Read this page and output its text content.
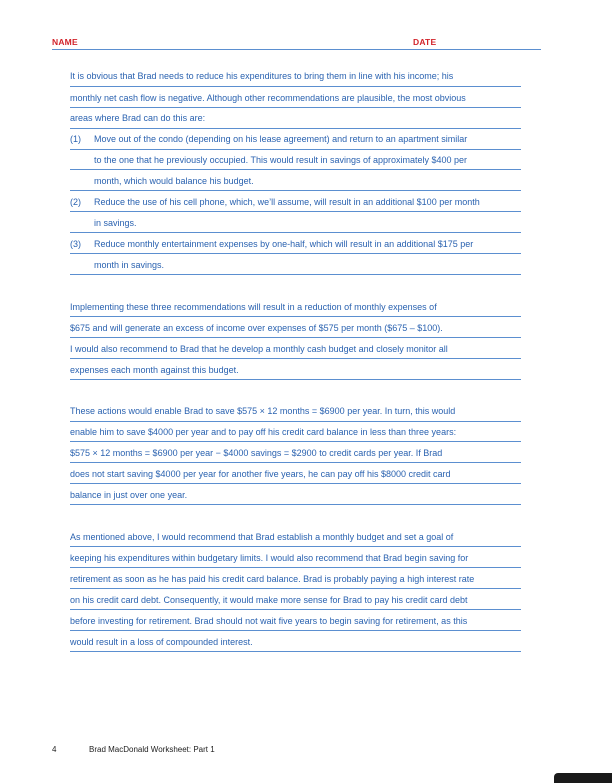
NAME	DATE
It is obvious that Brad needs to reduce his expenditures to bring them in line with his income; his
monthly net cash flow is negative. Although other recommendations are plausible, the most obvious
areas where Brad can do this are:
(1) Move out of the condo (depending on his lease agreement) and return to an apartment similar
to the one that he previously occupied. This would result in savings of approximately $400 per
month, which would balance his budget.
(2) Reduce the use of his cell phone, which, we’ll assume, will result in an additional $100 per month
in savings.
(3) Reduce monthly entertainment expenses by one-half, which will result in an additional $175 per
month in savings.
Implementing these three recommendations will result in a reduction of monthly expenses of
$675 and will generate an excess of income over expenses of $575 per month ($675 – $100).
I would also recommend to Brad that he develop a monthly cash budget and closely monitor all
expenses each month against this budget.
These actions would enable Brad to save $575 × 12 months = $6900 per year. In turn, this would
enable him to save $4000 per year and to pay off his credit card balance in less than three years:
$575 × 12 months = $6900 per year − $4000 savings = $2900 to credit cards per year. If Brad
does not start saving $4000 per year for another five years, he can pay off his $8000 credit card
balance in just over one year.
As mentioned above, I would recommend that Brad establish a monthly budget and set a goal of
keeping his expenditures within budgetary limits. I would also recommend that Brad begin saving for
retirement as soon as he has paid his credit card balance. Brad is probably paying a high interest rate
on his credit card debt. Consequently, it would make more sense for Brad to pay his credit card debt
before investing for retirement. Brad should not wait five years to begin saving for retirement, as this
would result in a loss of compounded interest.
4	Brad MacDonald Worksheet: Part 1
